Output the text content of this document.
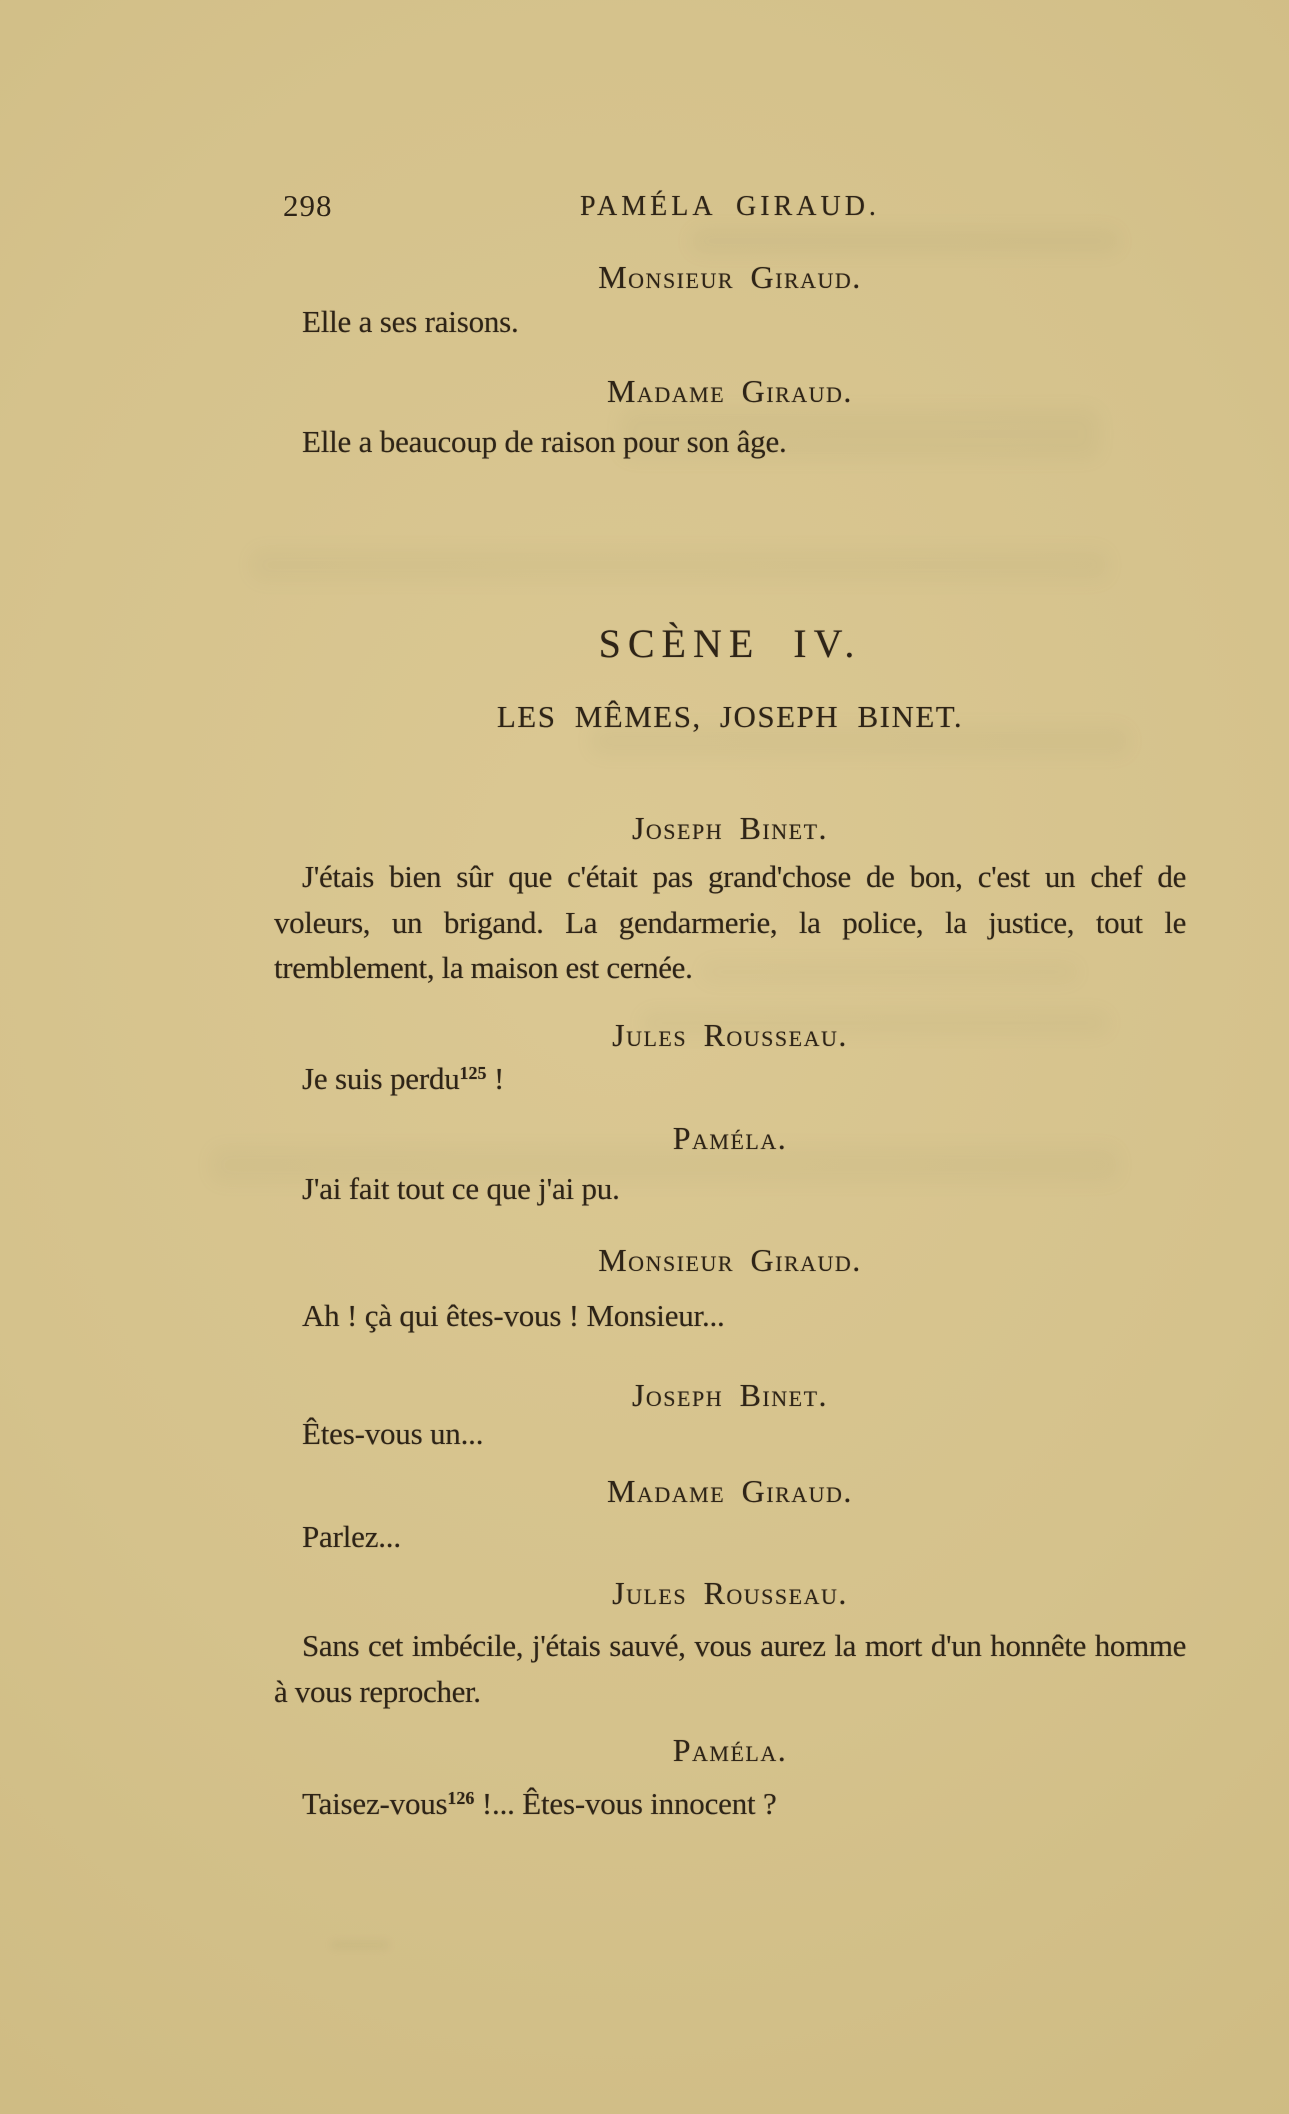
298	PAMÉLA GIRAUD.
Monsieur Giraud.
Elle a ses raisons.
Madame Giraud.
Elle a beaucoup de raison pour son âge.
SCÈNE IV.
LES MÊMES, JOSEPH BINET.
Joseph Binet.
J'étais bien sûr que c'était pas grand'chose de bon, c'est un chef de voleurs, un brigand. La gendarmerie, la police, la justice, tout le tremblement, la maison est cernée.
Jules Rousseau.
Je suis perdu$^{125}$ !
Paméla.
J'ai fait tout ce que j'ai pu.
Monsieur Giraud.
Ah ! çà qui êtes-vous ! Monsieur...
Joseph Binet.
Êtes-vous un...
Madame Giraud.
Parlez...
Jules Rousseau.
Sans cet imbécile, j'étais sauvé, vous aurez la mort d'un honnête homme à vous reprocher.
Paméla.
Taisez-vous$^{126}$ !... Êtes-vous innocent ?
